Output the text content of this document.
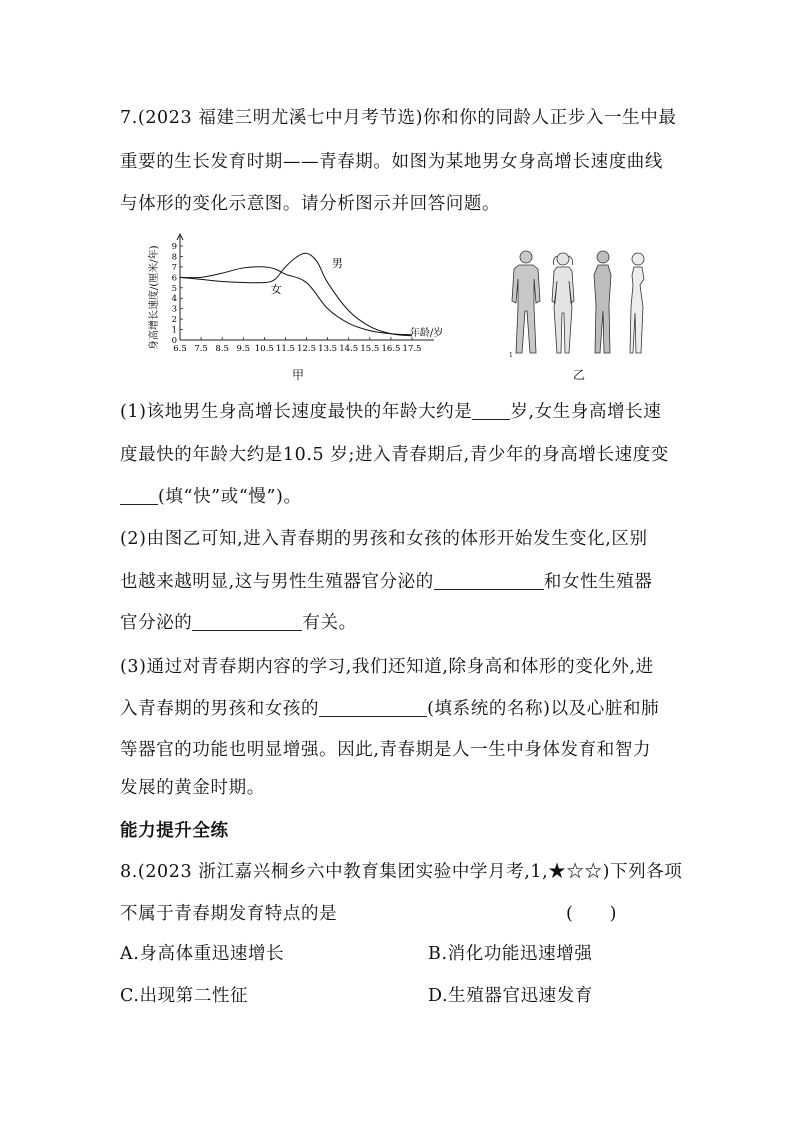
7.(2023 福建三明尤溪七中月考节选)你和你的同龄人正步入一生中最
重要的生长发育时期——青春期。如图为某地男女身高增长速度曲线
与体形的变化示意图。请分析图示并回答问题。
6.5 7.5 8.5 9.5 10.5 11.5 12.5 13.5 14.5 15.5 16.5 17.5
0
1
2
3
4
5
6
7
8
9
男
女
年龄/岁
身高增长速度/(厘米/年)
甲
1
乙
(1)该地男生身高增长速度最快的年龄大约是 岁,女生身高增长速
度最快的年龄大约是10.5 岁;进入青春期后,青少年的身高增长速度变
(填“快”或“慢”)。
(2)由图乙可知,进入青春期的男孩和女孩的体形开始发生变化,区别
也越来越明显,这与男性生殖器官分泌的	和女性生殖器
官分泌的	有关。
(3)通过对青春期内容的学习,我们还知道,除身高和体形的变化外,进
入青春期的男孩和女孩的	(填系统的名称)以及心脏和肺
等器官的功能也明显增强。因此,青春期是人一生中身体发育和智力
发展的黄金时期。
能力提升全练
8.(2023 浙江嘉兴桐乡六中教育集团实验中学月考,1,★☆☆)下列各项
不属于青春期发育特点的是	(　　)
A.身高体重迅速增长	B.消化功能迅速增强
C.出现第二性征	D.生殖器官迅速发育
